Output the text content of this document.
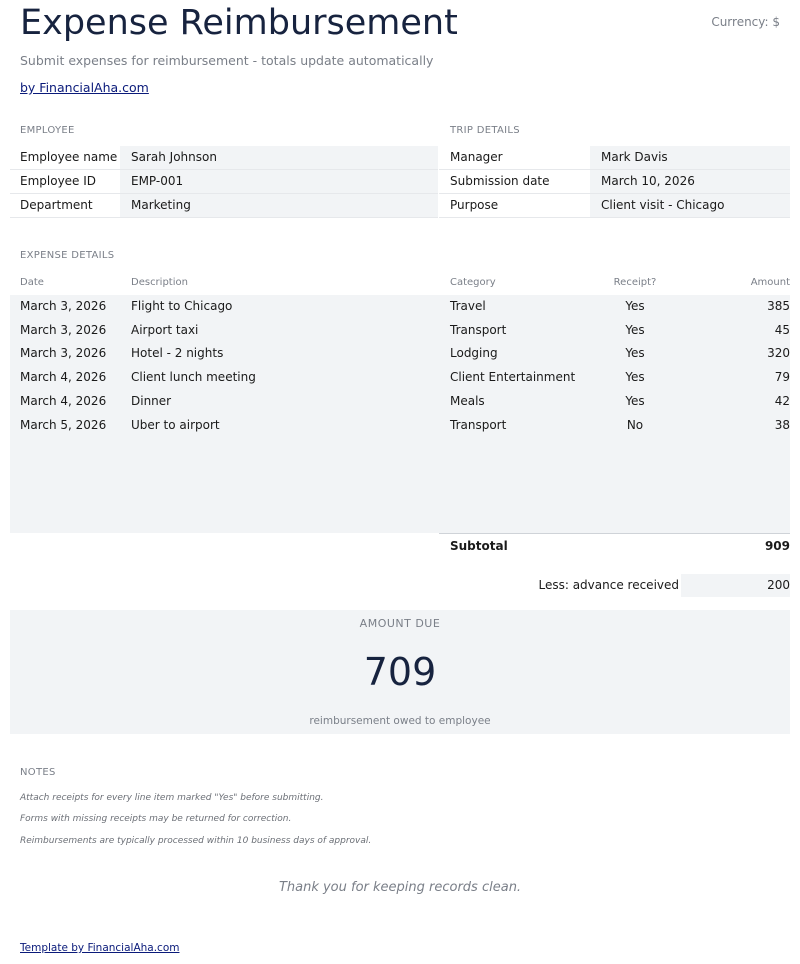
Expense Reimbursement	Currency: $
Submit expenses for reimbursement - totals update automatically
by FinancialAha.com
EMPLOYEE
Employee name	Sarah Johnson
Employee ID	EMP-001
Department	Marketing
TRIP DETAILS
Manager	Mark Davis
Submission date	March 10, 2026
Purpose	Client visit - Chicago
EXPENSE DETAILS
Date	Description	Category	Receipt?	Amount
March 3, 2026 Flight to Chicago	Travel	Yes	385
March 3, 2026 Airport taxi	Transport	Yes	45
March 3, 2026 Hotel - 2 nights	Lodging	Yes	320
March 4, 2026 Client lunch meeting	Client Entertainment	Yes	79
March 4, 2026 Dinner	Meals	Yes	42
March 5, 2026 Uber to airport	Transport	No	38
Subtotal	909
Less: advance received	200
AMOUNT DUE
709
reimbursement owed to employee
NOTES
Attach receipts for every line item marked "Yes" before submitting.
Forms with missing receipts may be returned for correction.
Reimbursements are typically processed within 10 business days of approval.
Thank you for keeping records clean.
Template by FinancialAha.com
